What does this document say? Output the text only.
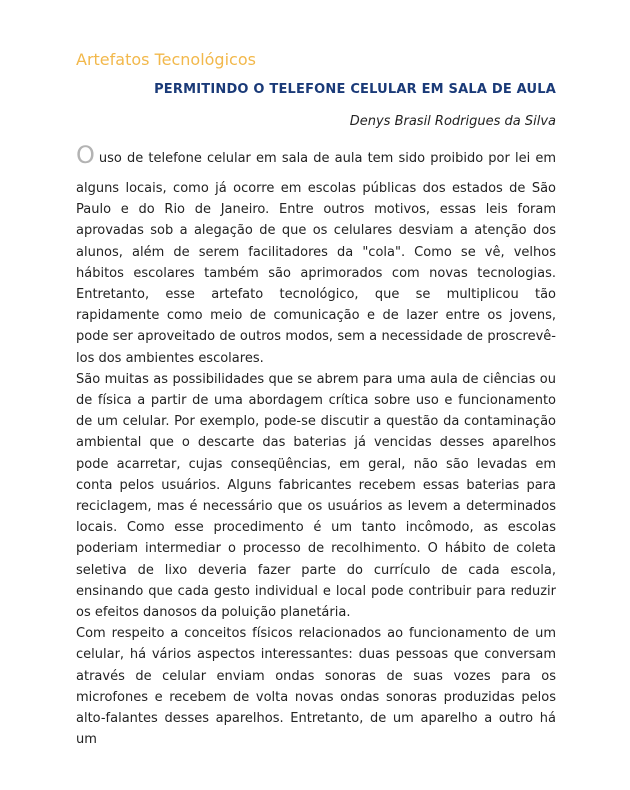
Artefatos Tecnológicos
PERMITINDO O TELEFONE CELULAR EM SALA DE AULA
Denys Brasil Rodrigues da Silva
Ouso de telefone celular em sala de aula tem sido proibido por lei em

alguns locais, como já ocorre em escolas públicas dos estados de São Paulo e do Rio de Janeiro. Entre outros motivos, essas leis foram aprovadas sob a alegação de que os celulares desviam a atenção dos alunos, além de serem facilitadores da "cola". Como se vê, velhos hábitos escolares também são aprimorados com novas tecnologias. Entretanto, esse artefato tecnológico, que se multiplicou tão rapidamente como meio de comunicação e de lazer entre os jovens, pode ser aproveitado de outros modos, sem a necessidade de proscrevê-los dos ambientes escolares.

São muitas as possibilidades que se abrem para uma aula de ciências ou de física a partir de uma abordagem crítica sobre uso e funcionamento de um celular. Por exemplo, pode-se discutir a questão da contaminação ambiental que o descarte das baterias já vencidas desses aparelhos pode acarretar, cujas conseqüências, em geral, não são levadas em conta pelos usuários. Alguns fabricantes recebem essas baterias para reciclagem, mas é necessário que os usuários as levem a determinados locais. Como esse procedimento é um tanto incômodo, as escolas poderiam intermediar o processo de recolhimento. O hábito de coleta seletiva de lixo deveria fazer parte do currículo de cada escola, ensinando que cada gesto individual e local pode contribuir para reduzir os efeitos danosos da poluição planetária.

Com respeito a conceitos físicos relacionados ao funcionamento de um celular, há vários aspectos interessantes: duas pessoas que conversam através de celular enviam ondas sonoras de suas vozes para os microfones e recebem de volta novas ondas sonoras produzidas pelos alto-falantes desses aparelhos. Entretanto, de um aparelho a outro há um
